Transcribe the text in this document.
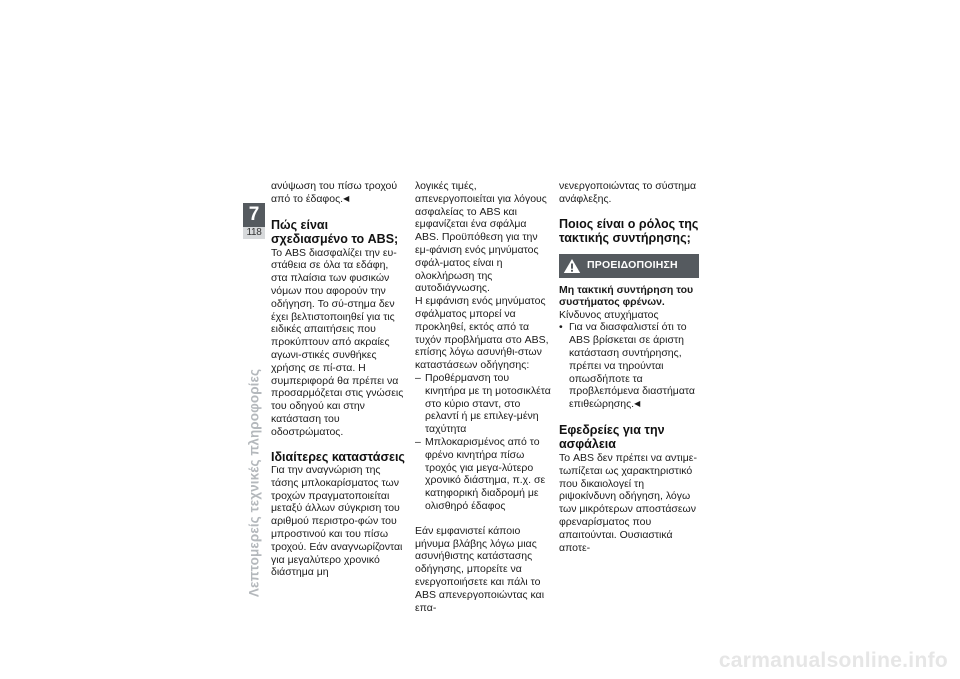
7
118
Λεπτομερείς τεχνικές πληροφορίες

ανύψωση του πίσω τροχού από το έδαφος.◀

Πώς είναι σχεδιασμένο το ABS;

Το ABS διασφαλίζει την ευ-στάθεια σε όλα τα εδάφη, στα πλαίσια των φυσικών νόμων που αφορούν την οδήγηση. Το σύ-στημα δεν έχει βελτιστοποιηθεί για τις ειδικές απαιτήσεις που προκύπτουν από ακραίες αγωνι-στικές συνθήκες χρήσης σε πί-στα. Η συμπεριφορά θα πρέπει να προσαρμόζεται στις γνώσεις του οδηγού και στην κατάσταση του οδοστρώματος.

Ιδιαίτερες καταστάσεις

Για την αναγνώριση της τάσης μπλοκαρίσματος των τροχών πραγματοποιείται μεταξύ άλλων σύγκριση του αριθμού περιστρο-φών του μπροστινού και του πίσω τροχού. Εάν αναγνωρίζονται για μεγαλύτερο χρονικό διάστημα μη

λογικές τιμές, απενεργοποιείται για λόγους ασφαλείας το ABS και εμφανίζεται ένα σφάλμα ABS. Προϋπόθεση για την εμ-φάνιση ενός μηνύματος σφάλ-ματος είναι η ολοκλήρωση της αυτοδιάγνωσης.

Η εμφάνιση ενός μηνύματος σφάλματος μπορεί να προκληθεί, εκτός από τα τυχόν προβλήματα στο ABS, επίσης λόγω ασυνήθι-στων καταστάσεων οδήγησης:

– Προθέρμανση του κινητήρα με τη μοτοσικλέτα στο κύριο σταντ, στο ρελαντί ή με επιλεγ-μένη ταχύτητα
– Μπλοκαρισμένος από το φρένο κινητήρα πίσω τροχός για μεγα-λύτερο χρονικό διάστημα, π.χ. σε κατηφορική διαδρομή με ολισθηρό έδαφος

Εάν εμφανιστεί κάποιο μήνυμα βλάβης λόγω μιας ασυνήθιστης κατάστασης οδήγησης, μπορείτε να ενεργοποιήσετε και πάλι το ABS απενεργοποιώντας και επα-

νενεργοποιώντας το σύστημα ανάφλεξης.

Ποιος είναι ο ρόλος της τακτικής συντήρησης;
ΠΡΟΕΙΔΟΠΟΙΗΣΗ
Μη τακτική συντήρηση του συστήματος φρένων.

Κίνδυνος ατυχήματος

• Για να διασφαλιστεί ότι το ABS βρίσκεται σε άριστη κατάσταση συντήρησης, πρέπει να τηρούνται οπωσδήποτε τα προβλεπόμενα διαστήματα επιθεώρησης.◀
Εφεδρείες για την ασφάλεια

Το ABS δεν πρέπει να αντιμε-τωπίζεται ως χαρακτηριστικό που δικαιολογεί τη ριψοκίνδυνη οδήγηση, λόγω των μικρότερων αποστάσεων φρεναρίσματος που απαιτούνται. Ουσιαστικά αποτε-

carmanualsonline.info
